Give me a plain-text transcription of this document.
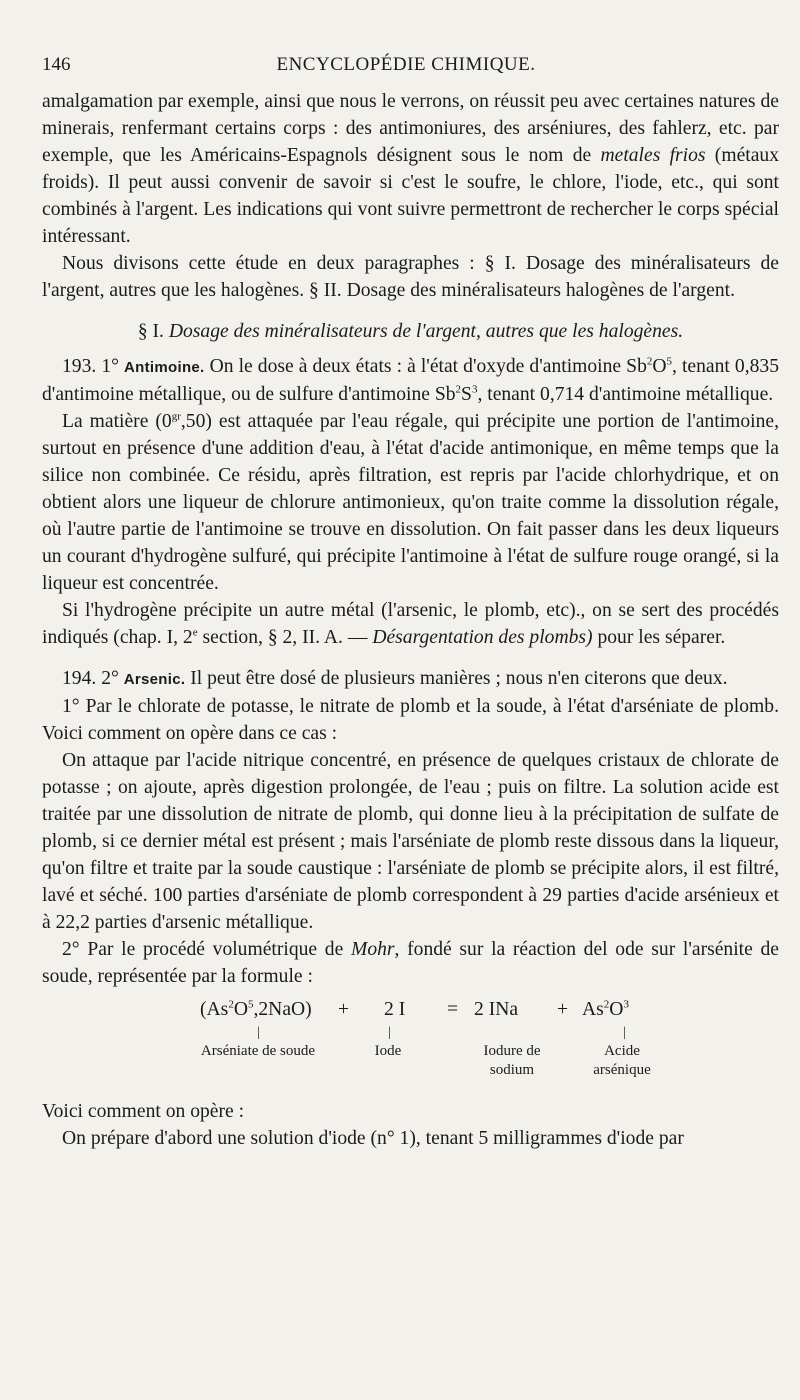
146	ENCYCLOPÉDIE CHIMIQUE.

amalgamation par exemple, ainsi que nous le verrons, on réussit peu avec certaines natures de minerais, renfermant certains corps : des antimoniures, des arséniures, des fahlerz, etc. par exemple, que les Américains-Espagnols désignent sous le nom de metales frios (métaux froids). Il peut aussi convenir de savoir si c'est le soufre, le chlore, l'iode, etc., qui sont combinés à l'argent. Les indications qui vont suivre permettront de rechercher le corps spécial intéressant.

Nous divisons cette étude en deux paragraphes : § I. Dosage des minéralisateurs de l'argent, autres que les halogènes. § II. Dosage des minéralisateurs halogènes de l'argent.

§ I. Dosage des minéralisateurs de l'argent, autres que les halogènes.

193. 1° Antimoine. On le dose à deux états : à l'état d'oxyde d'antimoine $Sb^2O^5$, tenant 0,835 d'antimoine métallique, ou de sulfure d'antimoine $Sb^2S^3$, tenant 0,714 d'antimoine métallique.

La matière $(0^{gr},50)$ est attaquée par l'eau régale, qui précipite une portion de l'antimoine, surtout en présence d'une addition d'eau, à l'état d'acide antimonique, en même temps que la silice non combinée. Ce résidu, après filtration, est repris par l'acide chlorhydrique, et on obtient alors une liqueur de chlorure antimonieux, qu'on traite comme la dissolution régale, où l'autre partie de l'antimoine se trouve en dissolution. On fait passer dans les deux liqueurs un courant d'hydrogène sulfuré, qui précipite l'antimoine à l'état de sulfure rouge orangé, si la liqueur est concentrée.

Si l'hydrogène précipite un autre métal (l'arsenic, le plomb, etc)., on se sert des procédés indiqués (chap. I, 2e section, § 2, II. A. — Désargentation des plombs) pour les séparer.

194. 2° Arsenic. Il peut être dosé de plusieurs manières ; nous n'en citerons que deux.

1° Par le chlorate de potasse, le nitrate de plomb et la soude, à l'état d'arséniate de plomb. Voici comment on opère dans ce cas :

On attaque par l'acide nitrique concentré, en présence de quelques cristaux de chlorate de potasse ; on ajoute, après digestion prolongée, de l'eau ; puis on filtre. La solution acide est traitée par une dissolution de nitrate de plomb, qui donne lieu à la précipitation de sulfate de plomb, si ce dernier métal est présent ; mais l'arséniate de plomb reste dissous dans la liqueur, qu'on filtre et traite par la soude caustique : l'arséniate de plomb se précipite alors, il est filtré, lavé et séché. 100 parties d'arséniate de plomb correspondent à 29 parties d'acide arsénieux et à 22,2 parties d'arsenic métallique.

2° Par le procédé volumétrique de Mohr, fondé sur la réaction del ode sur l'arsénite de soude, représentée par la formule :

$(As^2O^5,2NaO) + 2$ I = 2 INa + $As^2O^3$
|	|	|
Arséniate de soude	Iode	Iodure de sodium
Acide arsénique

Voici comment on opère :

On prépare d'abord une solution d'iode (n° 1), tenant 5 milligrammes d'iode par
